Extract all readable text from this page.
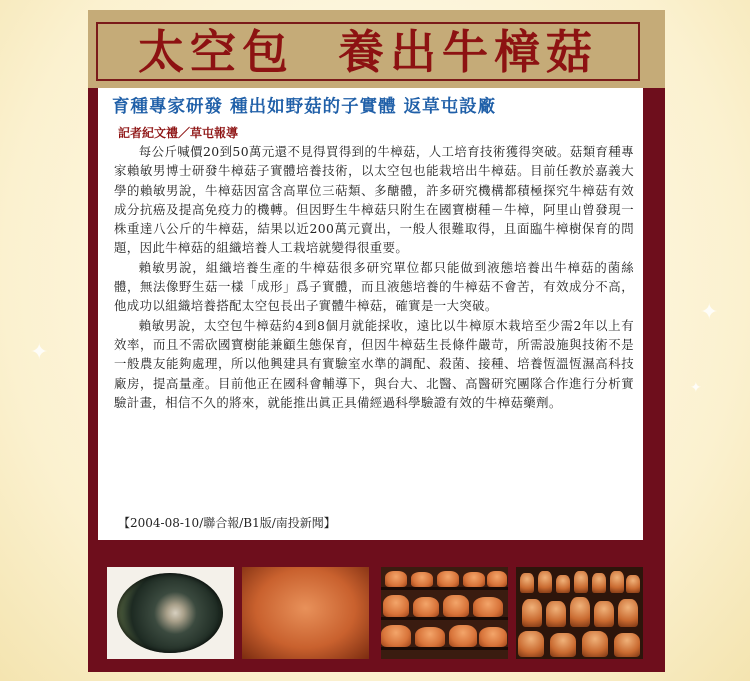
✦
✦
✦
太空包  養出牛樟菇
育種專家研發 種出如野菇的子實體 返草屯設廠
記者紀文禮／草屯報導

每公斤喊價20到50萬元還不見得買得到的牛樟菇，人工培育技術獲得突破。菇類育種專家賴敏男博士研發牛樟菇子實體培養技術，以太空包也能栽培出牛樟菇。目前任教於嘉義大學的賴敏男說，牛樟菇因富含高單位三萜類、多醣體，許多研究機構都積極探究牛樟菇有效成分抗癌及提高免疫力的機轉。但因野生牛樟菇只附生在國寶樹種－牛樟，阿里山曾發現一株重達八公斤的牛樟菇，結果以近200萬元賣出，一般人很難取得，且面臨牛樟樹保育的問題，因此牛樟菇的組織培養人工栽培就變得很重要。

賴敏男說，組織培養生產的牛樟菇很多研究單位都只能做到液態培養出牛樟菇的菌絲體，無法像野生菇一樣「成形」爲子實體，而且液態培養的牛樟菇不會苦，有效成分不高，他成功以組織培養搭配太空包長出子實體牛樟菇，確實是一大突破。

賴敏男說，太空包牛樟菇約4到8個月就能採收，遠比以牛樟原木栽培至少需2年以上有效率，而且不需砍國寶樹能兼顧生態保育，但因牛樟菇生長條件嚴苛，所需設施與技術不是一般農友能夠處理，所以他興建具有實驗室水準的調配、殺菌、接種、培養恆溫恆濕高科技廠房，提高量產。目前他正在國科會輔導下，與台大、北醫、高醫研究團隊合作進行分析實驗計畫，相信不久的將來，就能推出眞正具備經過科學驗證有效的牛樟菇藥劑。

【2004-08-10/聯合報/B1版/南投新聞】
